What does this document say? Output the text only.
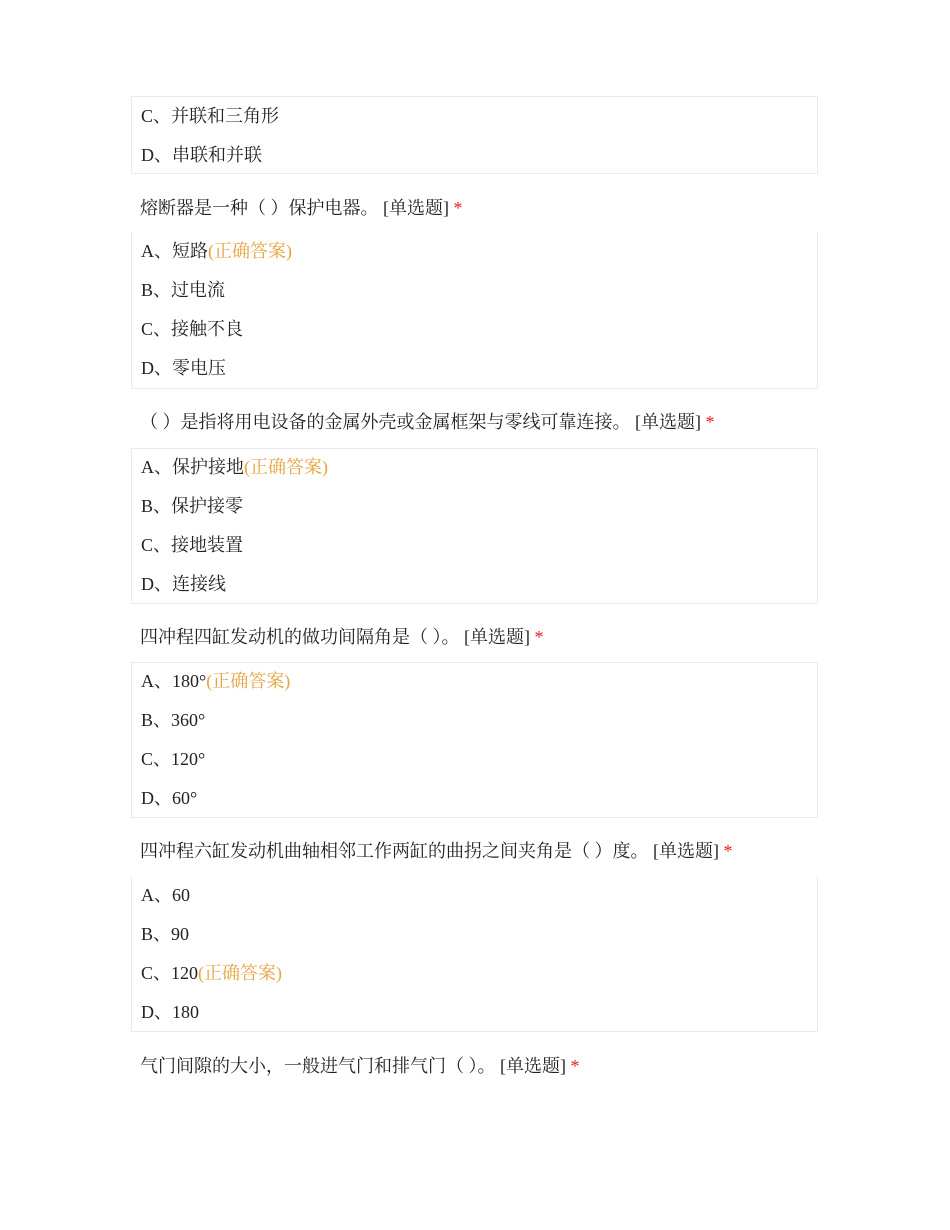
C、并联和三角形
D、串联和并联
熔断器是一种（ ）保护电器。 [单选题] *
A、短路(正确答案)
B、过电流
C、接触不良
D、零电压
（ ）是指将用电设备的金属外壳或金属框架与零线可靠连接。 [单选题] *
A、保护接地(正确答案)
B、保护接零
C、接地装置
D、连接线
四冲程四缸发动机的做功间隔角是（ ）。 [单选题] *
A、180°(正确答案)
B、360°
C、120°
D、60°
四冲程六缸发动机曲轴相邻工作两缸的曲拐之间夹角是（ ）度。 [单选题] *
A、60
B、90
C、120(正确答案)
D、180
气门间隙的大小，一般进气门和排气门（ ）。 [单选题] *
